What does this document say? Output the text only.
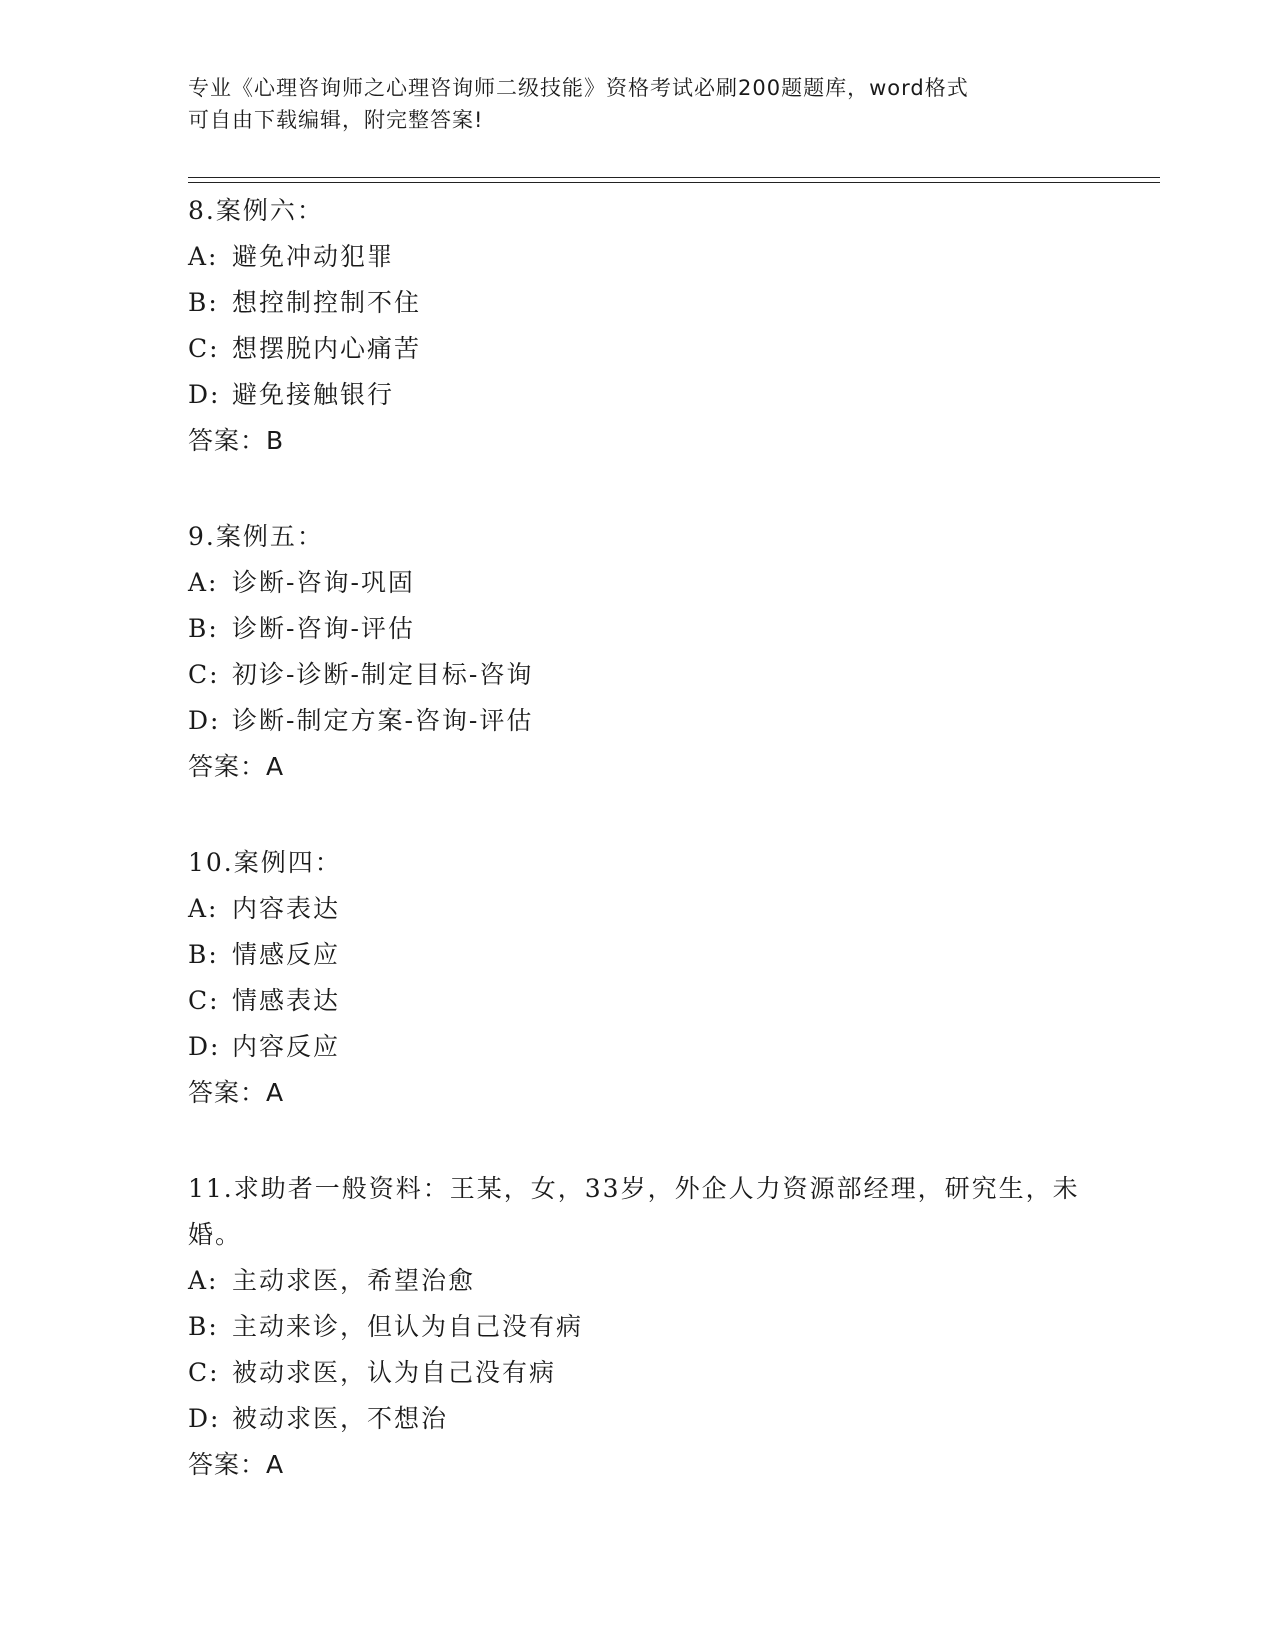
专业《心理咨询师之心理咨询师二级技能》资格考试必刷200题题库，word格式
可自由下载编辑，附完整答案!
8.案例六：
A: 避免冲动犯罪
B: 想控制控制不住
C: 想摆脱内心痛苦
D: 避免接触银行
答案：B
9.案例五：
A: 诊断-咨询-巩固
B: 诊断-咨询-评估
C: 初诊-诊断-制定目标-咨询
D: 诊断-制定方案-咨询-评估
答案：A
10.案例四：
A: 内容表达
B: 情感反应
C: 情感表达
D: 内容反应
答案：A
11.求助者一般资料：王某，女，33岁，外企人力资源部经理，研究生，未婚。
A: 主动求医，希望治愈
B: 主动来诊，但认为自己没有病
C: 被动求医，认为自己没有病
D: 被动求医，不想治
答案：A
